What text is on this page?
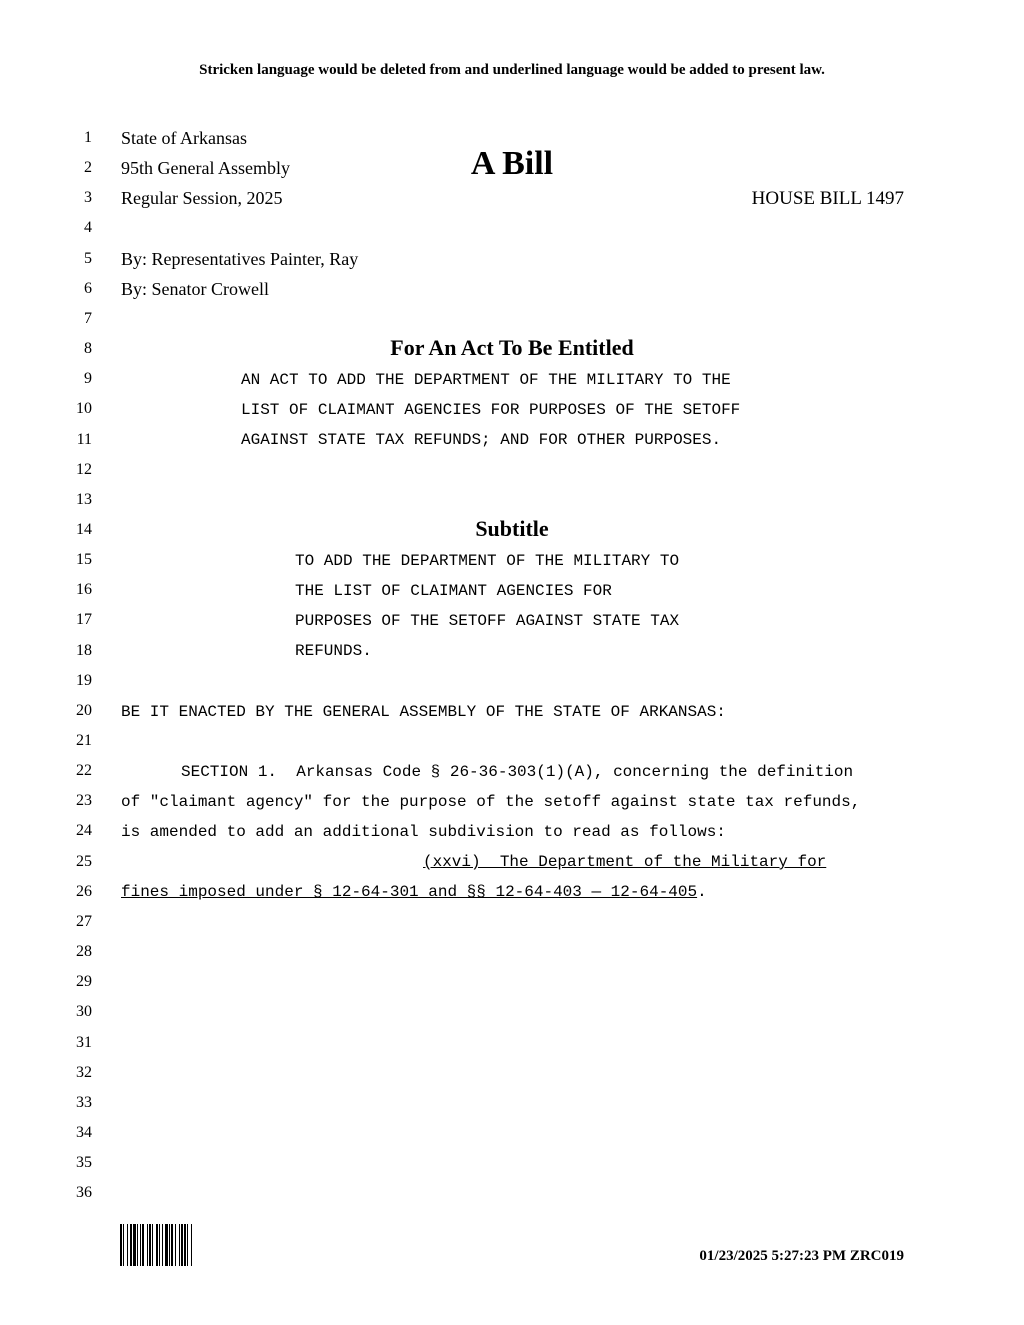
Stricken language would be deleted from and underlined language would be added to present law.
1
2
3
4
5
6
7
8
9
10
11
12
13
14
15
16
17
18
19
20
21
22
23
24
25
26
27
28
29
30
31
32
33
34
35
36
State of Arkansas
95th General Assembly
Regular Session, 2025
A Bill
HOUSE BILL 1497
By: Representatives Painter, Ray
By: Senator Crowell
For An Act To Be Entitled
AN ACT TO ADD THE DEPARTMENT OF THE MILITARY TO THE
LIST OF CLAIMANT AGENCIES FOR PURPOSES OF THE SETOFF
AGAINST STATE TAX REFUNDS; AND FOR OTHER PURPOSES.
Subtitle
TO ADD THE DEPARTMENT OF THE MILITARY TO
THE LIST OF CLAIMANT AGENCIES FOR
PURPOSES OF THE SETOFF AGAINST STATE TAX
REFUNDS.
BE IT ENACTED BY THE GENERAL ASSEMBLY OF THE STATE OF ARKANSAS:
SECTION 1.  Arkansas Code § 26-36-303(1)(A), concerning the definition
of "claimant agency" for the purpose of the setoff against state tax refunds,
is amended to add an additional subdivision to read as follows:
(xxvi)  The Department of the Military for
fines imposed under § 12-64-301 and §§ 12-64-403 — 12-64-405.
01/23/2025 5:27:23 PM ZRC019
